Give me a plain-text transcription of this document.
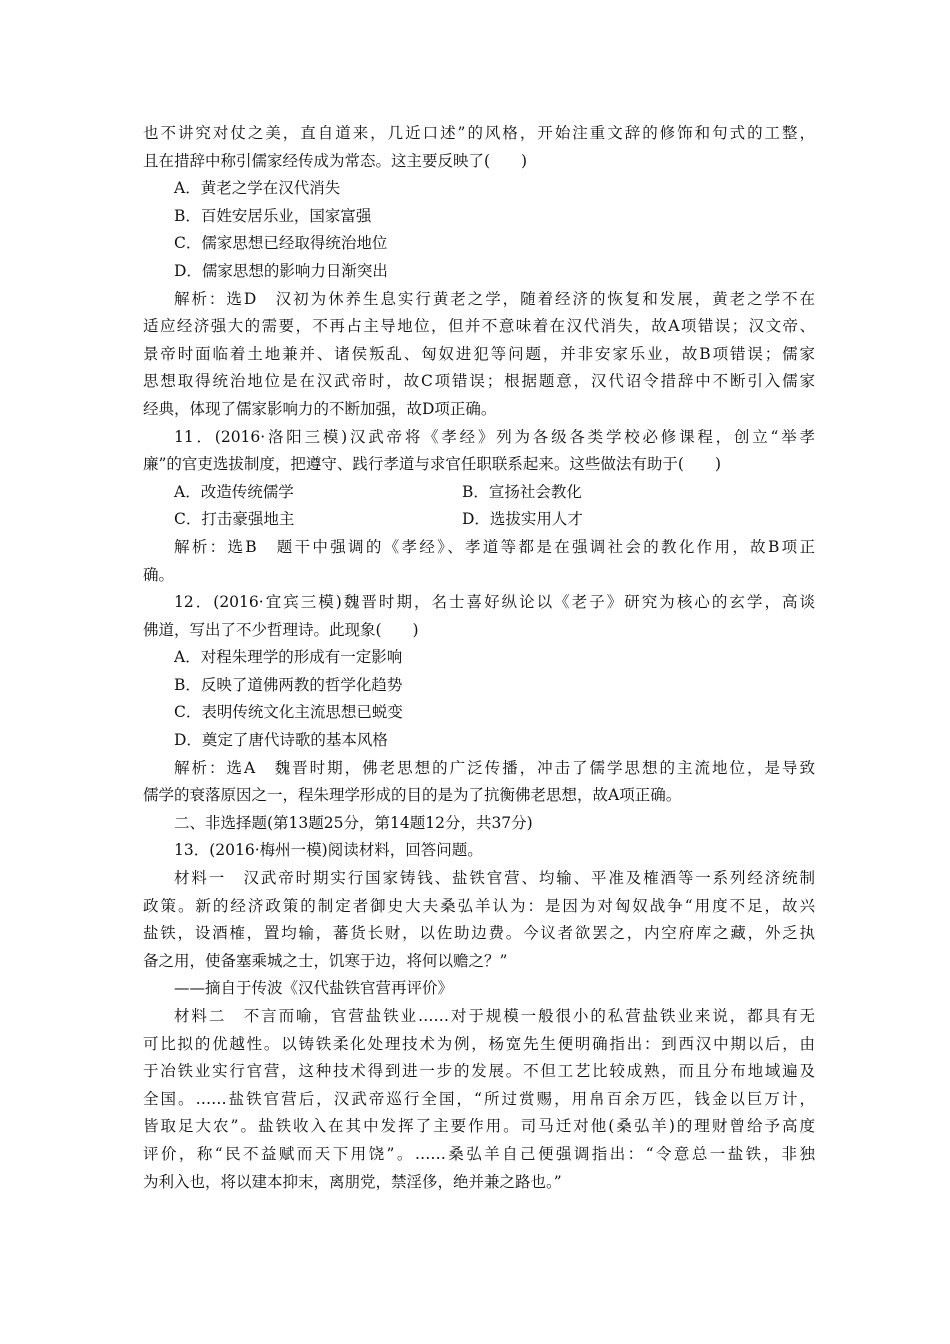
也不讲究对仗之美，直自道来，几近口述”的风格，开始注重文辞的修饰和句式的工整，
且在措辞中称引儒家经传成为常态。这主要反映了(　　)
A．黄老之学在汉代消失
B．百姓安居乐业，国家富强
C．儒家思想已经取得统治地位
D．儒家思想的影响力日渐突出
解析：选D　汉初为休养生息实行黄老之学，随着经济的恢复和发展，黄老之学不在
适应经济强大的需要，不再占主导地位，但并不意味着在汉代消失，故A项错误；汉文帝、
景帝时面临着土地兼并、诸侯叛乱、匈奴进犯等问题，并非安家乐业，故B项错误；儒家
思想取得统治地位是在汉武帝时，故C项错误；根据题意，汉代诏令措辞中不断引入儒家
经典，体现了儒家影响力的不断加强，故D项正确。
11．(2016·洛阳三模)汉武帝将《孝经》列为各级各类学校必修课程，创立“举孝
廉”的官吏选拔制度，把遵守、践行孝道与求官任职联系起来。这些做法有助于(　　)
A．改造传统儒学	B．宣扬社会教化
C．打击豪强地主	D．选拔实用人才
解析：选B　题干中强调的《孝经》、孝道等都是在强调社会的教化作用，故B项正
确。
12．(2016·宜宾三模)魏晋时期，名士喜好纵论以《老子》研究为核心的玄学，高谈
佛道，写出了不少哲理诗。此现象(　　)
A．对程朱理学的形成有一定影响
B．反映了道佛两教的哲学化趋势
C．表明传统文化主流思想已蜕变
D．奠定了唐代诗歌的基本风格
解析：选A　魏晋时期，佛老思想的广泛传播，冲击了儒学思想的主流地位，是导致
儒学的衰落原因之一，程朱理学形成的目的是为了抗衡佛老思想，故A项正确。
二、非选择题(第13题25分，第14题12分，共37分)
13．(2016·梅州一模)阅读材料，回答问题。
材料一　汉武帝时期实行国家铸钱、盐铁官营、均输、平准及榷酒等一系列经济统制
政策。新的经济政策的制定者御史大夫桑弘羊认为：是因为对匈奴战争“用度不足，故兴
盐铁，设酒榷，置均输，蕃货长财，以佐助边费。今议者欲罢之，内空府库之藏，外乏执
备之用，使备塞乘城之士，饥寒于边，将何以赡之？”
——摘自于传波《汉代盐铁官营再评价》
材料二　不言而喻，官营盐铁业……对于规模一般很小的私营盐铁业来说，都具有无
可比拟的优越性。以铸铁柔化处理技术为例，杨宽先生便明确指出：到西汉中期以后，由
于冶铁业实行官营，这种技术得到进一步的发展。不但工艺比较成熟，而且分布地域遍及
全国。……盐铁官营后，汉武帝巡行全国，“所过赏赐，用帛百余万匹，钱金以巨万计，
皆取足大农”。盐铁收入在其中发挥了主要作用。司马迁对他(桑弘羊)的理财曾给予高度
评价，称“民不益赋而天下用饶”。……桑弘羊自己便强调指出：“令意总一盐铁，非独
为利入也，将以建本抑末，离朋党，禁淫侈，绝并兼之路也。”
